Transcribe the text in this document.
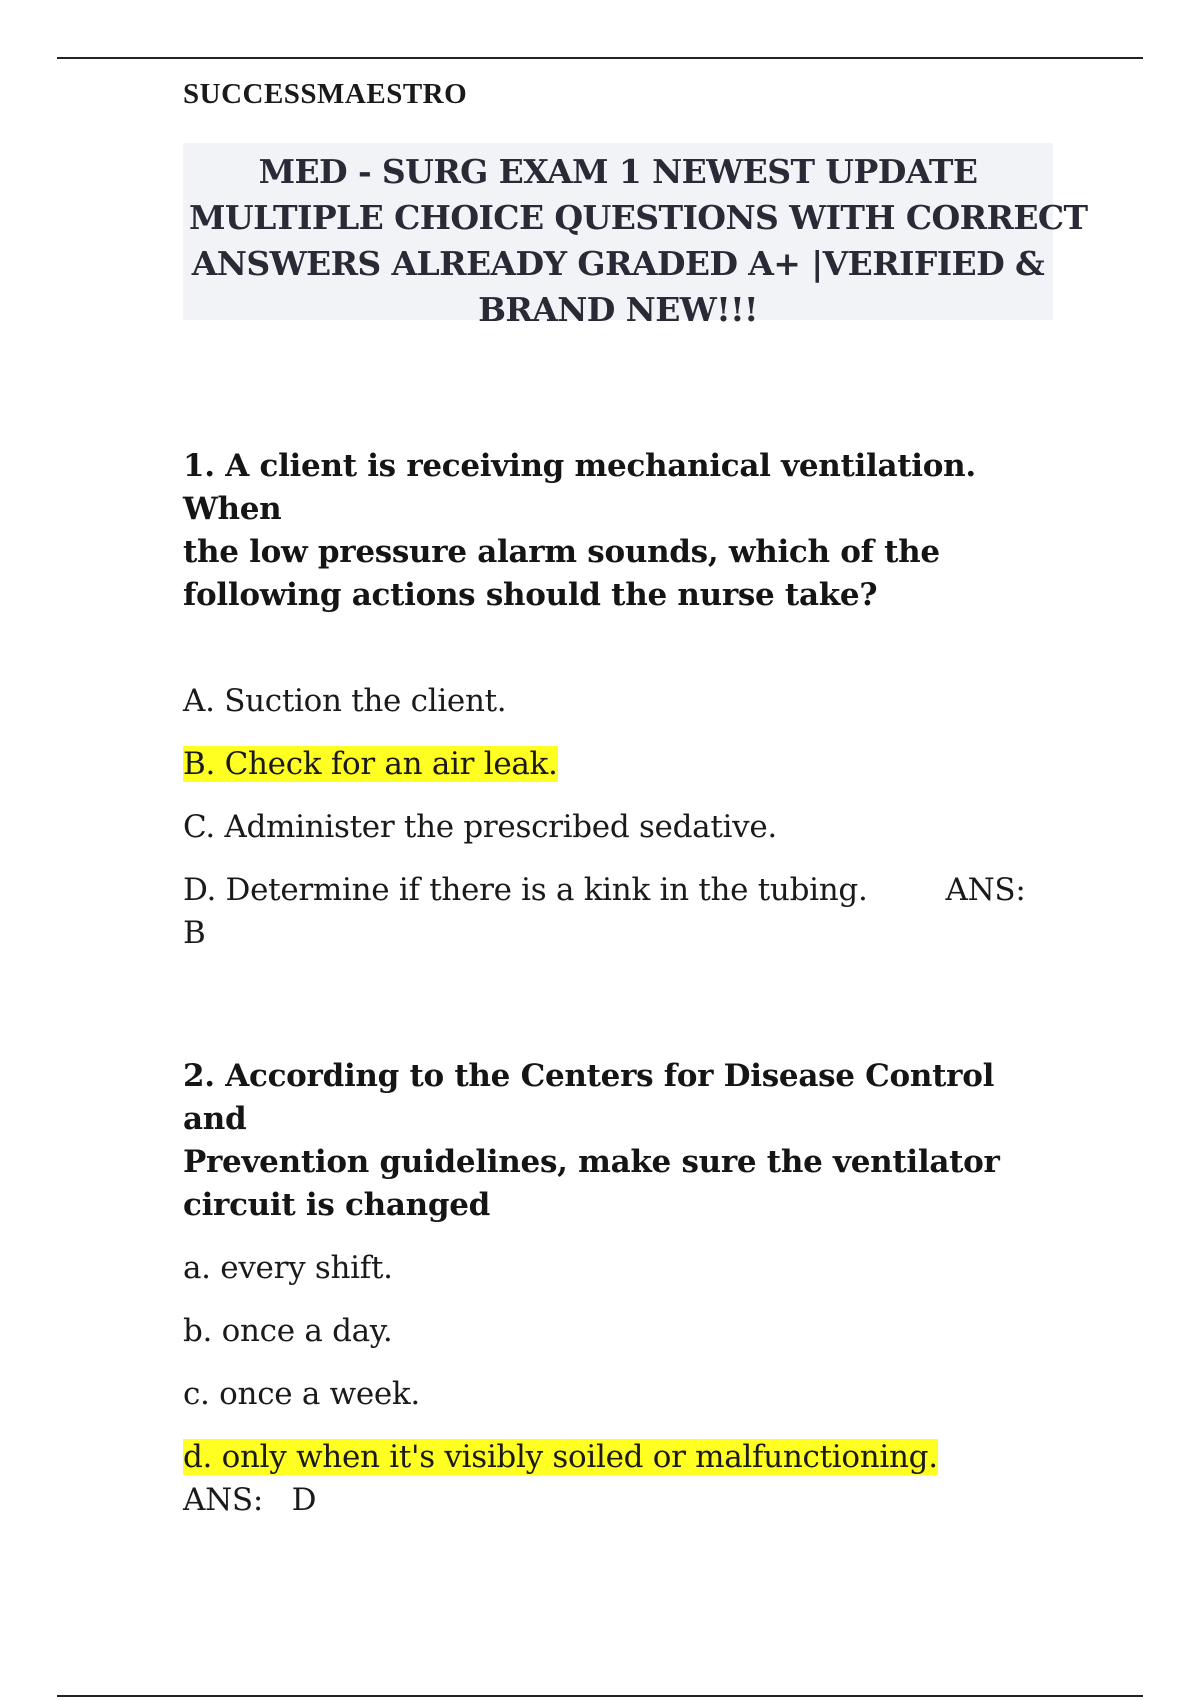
SUCCESSMAESTRO
MED - SURG EXAM 1 NEWEST UPDATE
MULTIPLE CHOICE QUESTIONS WITH CORRECT
ANSWERS ALREADY GRADED A+ |VERIFIED &
BRAND NEW!!!
1. A client is receiving mechanical ventilation. When
the low pressure alarm sounds, which of the
following actions should the nurse take?
A. Suction the client.
B. Check for an air leak.
C. Administer the prescribed sedative.
D. Determine if there is a kink in the tubing.	ANS:
B
2. According to the Centers for Disease Control and
Prevention guidelines, make sure the ventilator
circuit is changed
a. every shift.
b. once a day.
c. once a week.
d. only when it's visibly soiled or malfunctioning.
ANS: D
